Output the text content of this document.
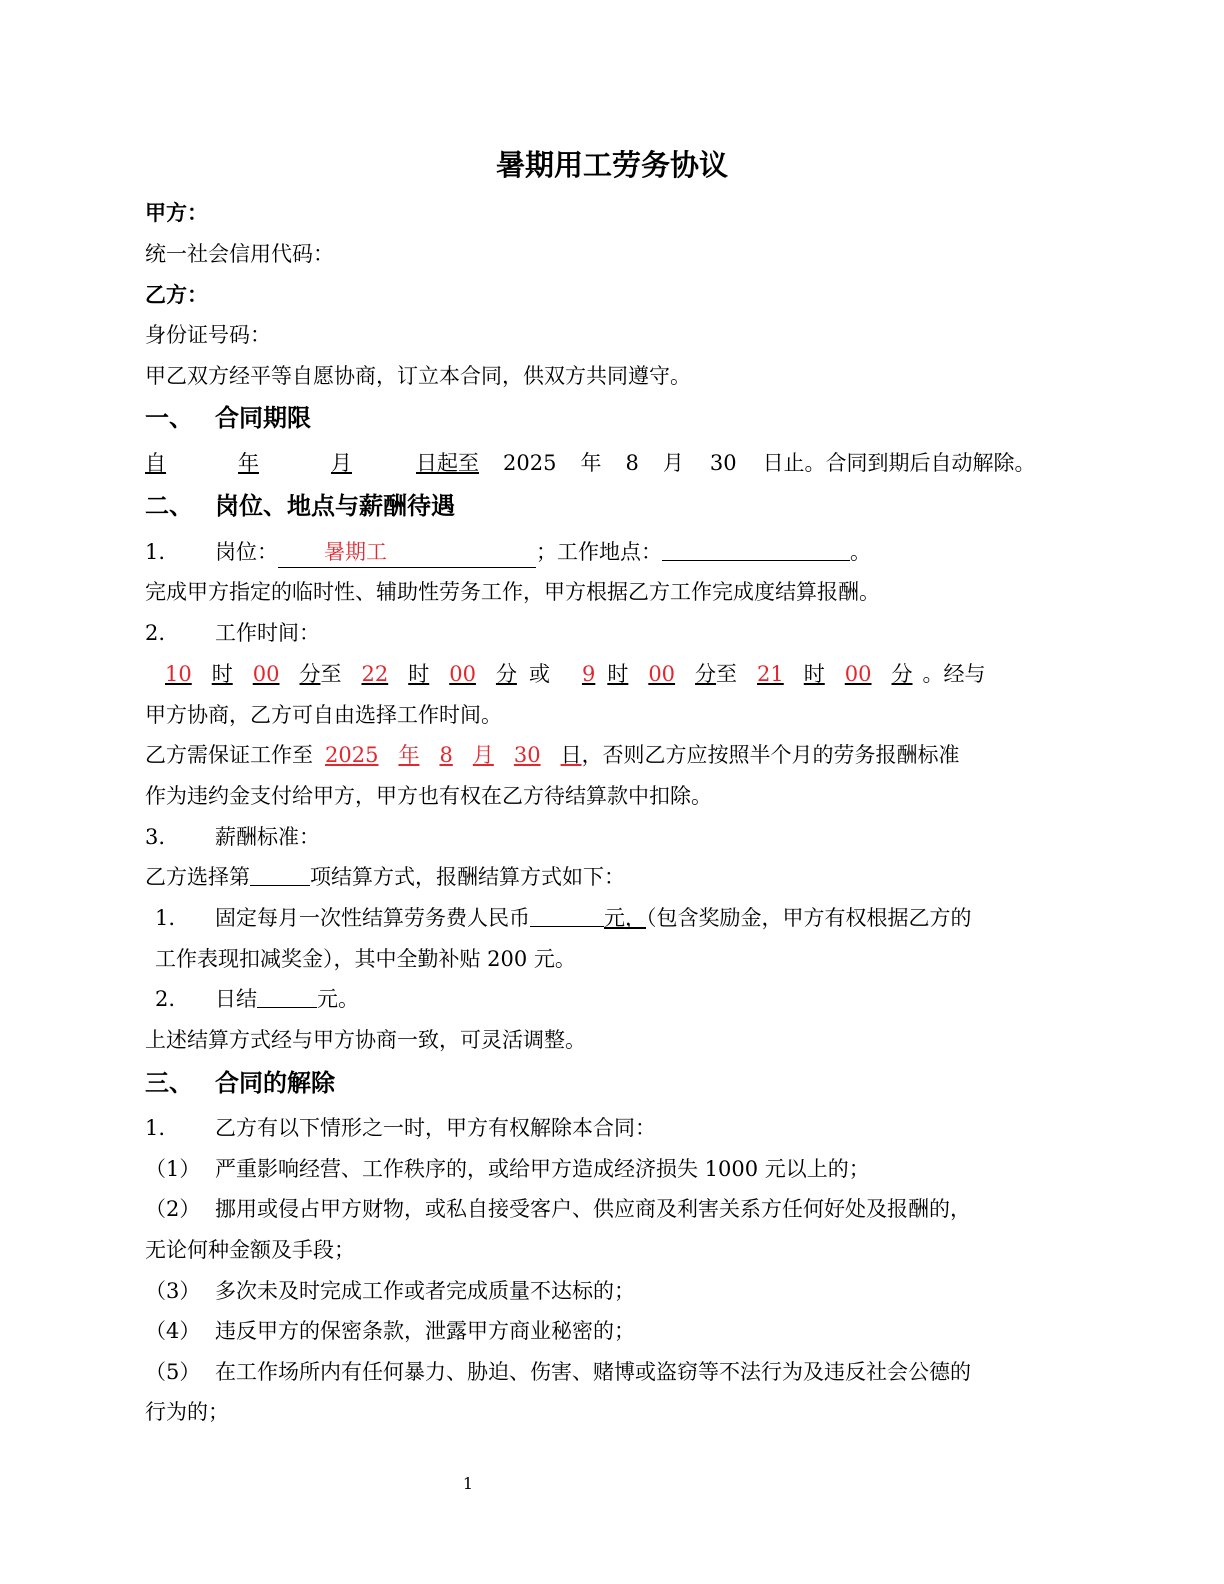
暑期用工劳务协议
甲方：
统一社会信用代码：
乙方：
身份证号码：
甲乙双方经平等自愿协商，订立本合同，供双方共同遵守。
一、 合同期限
自	年	月	日起至 2025 年 8 月 30 日止。合同到期后自动解除。
二、 岗位、地点与薪酬待遇
1. 岗位： 暑期工	；工作地点：	。
完成甲方指定的临时性、辅助性劳务工作，甲方根据乙方工作完成度结算报酬。
2. 工作时间：
10 时 00 分至 22 时 00 分 或 9 时 00 分至 21 时 00 分 。经与
甲方协商，乙方可自由选择工作时间。
乙方需保证工作至 2025 年 8 月 30 日，否则乙方应按照半个月的劳务报酬标准
作为违约金支付给甲方，甲方也有权在乙方待结算款中扣除。
3. 薪酬标准：
乙方选择第	项结算方式，报酬结算方式如下：
1. 固定每月一次性结算劳务费人民币	元，（包含奖励金，甲方有权根据乙方的
工作表现扣减奖金），其中全勤补贴 200 元。
2. 日结	元。
上述结算方式经与甲方协商一致，可灵活调整。
三、 合同的解除
1. 乙方有以下情形之一时，甲方有权解除本合同：
（1） 严重影响经营、工作秩序的，或给甲方造成经济损失 1000 元以上的；
（2） 挪用或侵占甲方财物，或私自接受客户、供应商及利害关系方任何好处及报酬的，
无论何种金额及手段；
（3） 多次未及时完成工作或者完成质量不达标的；
（4） 违反甲方的保密条款，泄露甲方商业秘密的；
（5） 在工作场所内有任何暴力、胁迫、伤害、赌博或盗窃等不法行为及违反社会公德的
行为的；
1
